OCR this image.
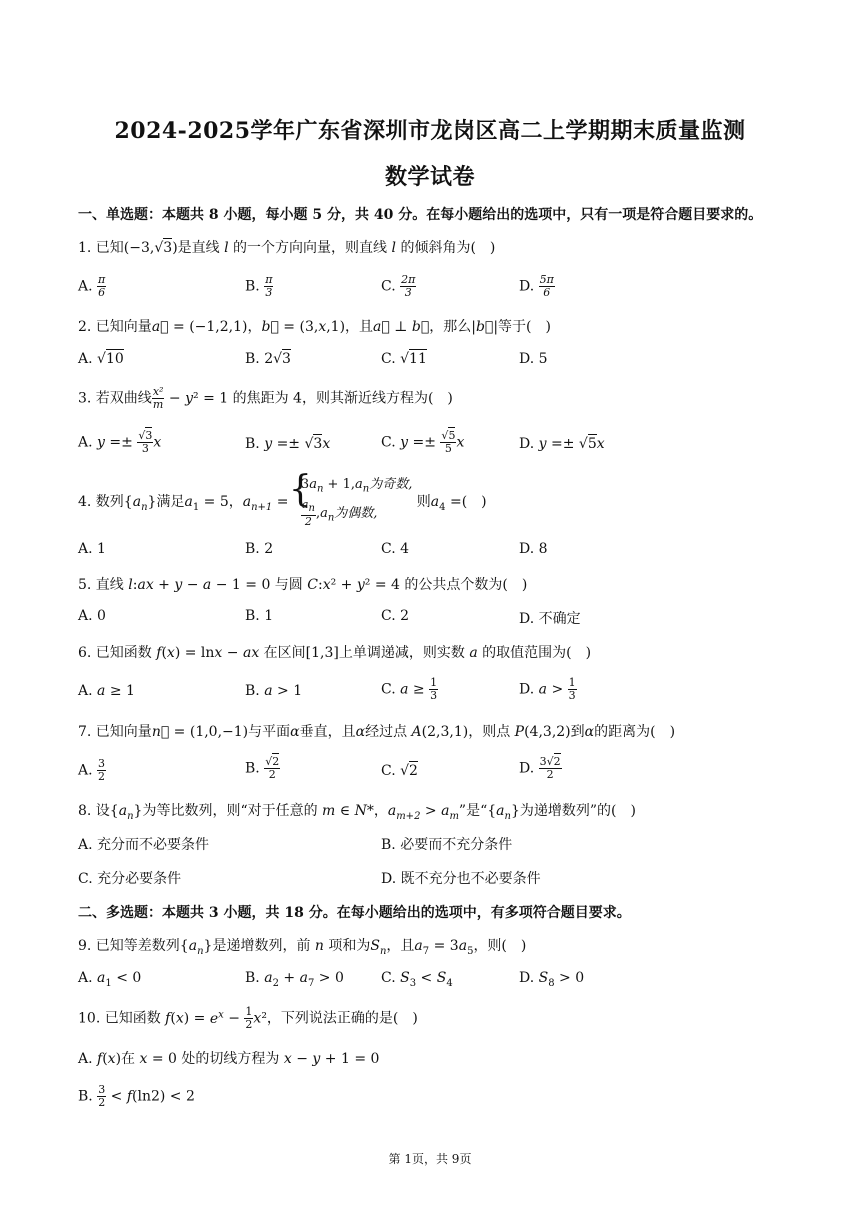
2024-2025学年广东省深圳市龙岗区高二上学期期末质量监测
数学试卷
一、单选题：本题共 8 小题，每小题 5 分，共 40 分。在每小题给出的选项中，只有一项是符合题目要求的。
1. 已知(−3,√3)是直线 l 的一个方向向量，则直线 l 的倾斜角为(　)
A. $\frac{\pi}{6}$	B. $\frac{\pi}{3}$	C. $\frac{2\pi}{3}$	D. $\frac{5\pi}{6}$
2. 已知向量a⃗ = (−1,2,1)，b⃗ = (3,x,1)，且a⃗ ⊥ b⃗，那么|b⃗|等于(　)
A. √10	B. 2√3	C. √11	D. 5
3. 若双曲线 $\frac{\text{x²}}{m} - y^2 = 1$ 的焦距为 4，则其渐近线方程为(　)
A. $y =\pm \frac{√3}{3}$ x	B. y =± √3x	C. $y =\pm \frac{√5}{5}$ x	D. y =± √5x
4. 数列$\{a_n\}$满足$a_1 = 5$，$a_{n+1}$ =
{ $3a_n + 1,a_n$为奇数,
$\frac{a_n}{2} ,a_n$为偶数,
则$a_4$ =(　)
A. 1	B. 2	C. 4	D. 8
5. 直线 l:ax + y − a − 1 = 0 与圆 C:x² + y² = 4 的公共点个数为(　)
A. 0	B. 1	C. 2	D. 不确定
6. 已知函数 f(x) = lnx − ax 在区间[1,3]上单调递减，则实数 a 的取值范围为(　)
A. a ≥ 1	B. a > 1	C. $a \ge \frac{1}{3}$	D. $a > \frac{1}{3}$
7. 已知向量n⃗ = (1,0,−1)与平面α垂直，且α经过点 A(2,3,1)，则点 P(4,3,2)到α的距离为(　)
A. $\frac{3}{2}$	B. $\frac{√2}{2}$	C. √2	D. $\frac{3√2}{2}$
8. 设$\{a_n\}$为等比数列，则“对于任意的 m ∈ N*，$a_{m+2} > a_m$”是“$\{a_n\}$为递增数列”的(　)
A. 充分而不必要条件	B. 必要而不充分条件
C. 充分必要条件	D. 既不充分也不必要条件
二、多选题：本题共 3 小题，共 18 分。在每小题给出的选项中，有多项符合题目要求。
9. 已知等差数列$\{a_n\}$是递增数列，前 n 项和为$S_n$，且$a_7 = 3a_5$，则(　)
A. $a_1 < 0$	B. $a_2 + a_7 > 0$	C. $S_3 < S_4$	D. $S_8 > 0$
10. 已知函数 $f(x) = e^x - \frac{1}{2} x^2$，下列说法正确的是(　)
A. f(x)在 x = 0 处的切线方程为 x − y + 1 = 0
B. $\frac{3}{2} < f(\ln 2) < 2$
第 1页，共 9页
